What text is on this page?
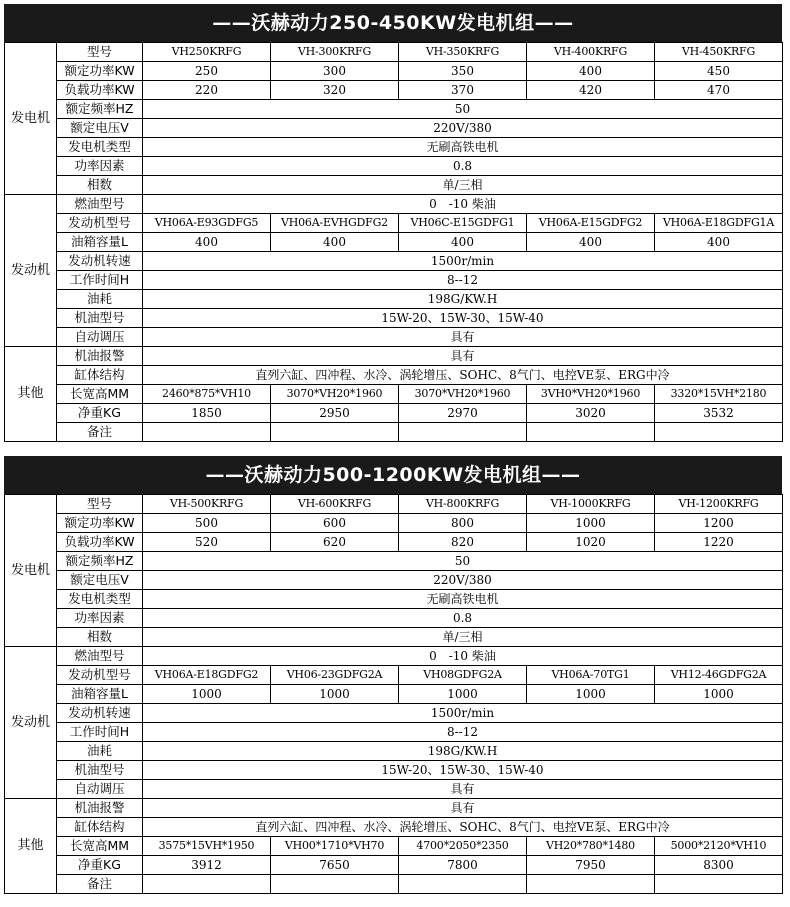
——沃赫动力250-450KW发电机组——
发电机	型号	VH250KRFG	VH-300KRFG	VH-350KRFG	VH-400KRFG	VH-450KRFG
	额定功率KW	250	300	350	400	450
	负载功率KW	220	320	370	420	470
	额定频率HZ	50				
	额定电压V	220V/380				
	发电机类型	无刷高铁电机				
	功率因素	0.8				
	相数	单/三相				
发动机	燃油型号	0　-10 柴油				
	发动机型号	VH06A-E93GDFG5	VH06A-EVHGDFG2	VH06C-E15GDFG1	VH06A-E15GDFG2	VH06A-E18GDFG1A
	油箱容量L	400	400	400	400	400
	发动机转速	1500r/min				
	工作时间H	8--12				
	油耗	198G/KW.H				
	机油型号	15W-20、15W-30、15W-40				
	自动调压	具有				
其他	机油报警	具有				
	缸体结构	直列六缸、四冲程、水冷、涡轮增压、SOHC、8气门、电控VE泵、ERG中冷				
	长宽高MM	2460*875*VH10	3070*VH20*1960	3070*VH20*1960	3VH0*VH20*1960	3320*15VH*2180
	净重KG	1850	2950	2970	3020	3532
	备注					
——沃赫动力500-1200KW发电机组——
发电机	型号	VH-500KRFG	VH-600KRFG	VH-800KRFG	VH-1000KRFG	VH-1200KRFG
	额定功率KW	500	600	800	1000	1200
	负载功率KW	520	620	820	1020	1220
	额定频率HZ	50				
	额定电压V	220V/380				
	发电机类型	无刷高铁电机				
	功率因素	0.8				
	相数	单/三相				
发动机	燃油型号	0　-10 柴油				
	发动机型号	VH06A-E18GDFG2	VH06-23GDFG2A	VH08GDFG2A	VH06A-70TG1	VH12-46GDFG2A
	油箱容量L	1000	1000	1000	1000	1000
	发动机转速	1500r/min				
	工作时间H	8--12				
	油耗	198G/KW.H				
	机油型号	15W-20、15W-30、15W-40				
	自动调压	具有				
其他	机油报警	具有				
	缸体结构	直列六缸、四冲程、水冷、涡轮增压、SOHC、8气门、电控VE泵、ERG中冷				
	长宽高MM	3575*15VH*1950	VH00*1710*VH70	4700*2050*2350	VH20*780*1480	5000*2120*VH10
	净重KG	3912	7650	7800	7950	8300
	备注					
